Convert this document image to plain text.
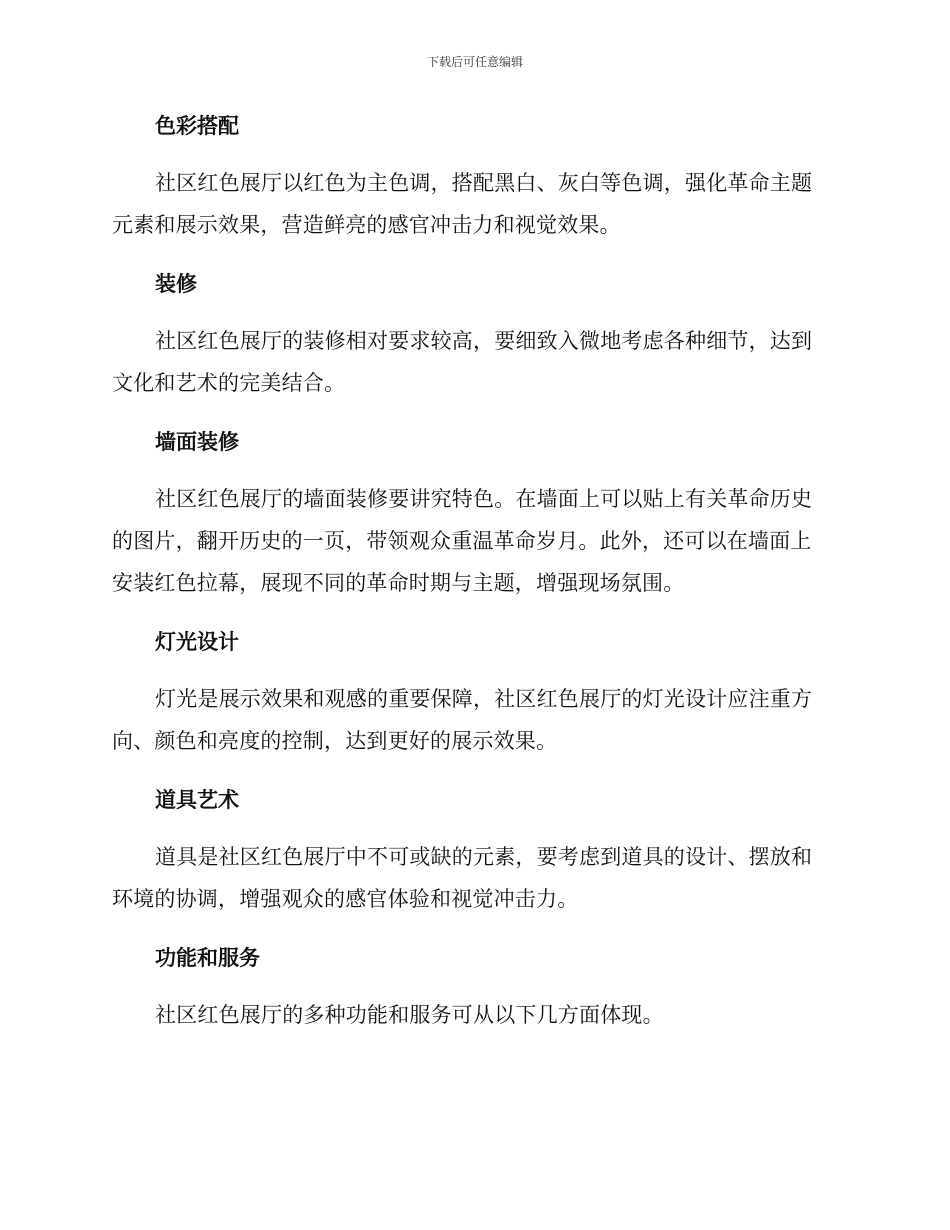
下载后可任意编辑
色彩搭配

社区红色展厅以红色为主色调，搭配黑白、灰白等色调，强化革命主题元素和展示效果，营造鲜亮的感官冲击力和视觉效果。

装修

社区红色展厅的装修相对要求较高，要细致入微地考虑各种细节，达到文化和艺术的完美结合。

墙面装修

社区红色展厅的墙面装修要讲究特色。在墙面上可以贴上有关革命历史的图片，翻开历史的一页，带领观众重温革命岁月。此外，还可以在墙面上安装红色拉幕，展现不同的革命时期与主题，增强现场氛围。

灯光设计

灯光是展示效果和观感的重要保障，社区红色展厅的灯光设计应注重方向、颜色和亮度的控制，达到更好的展示效果。

道具艺术

道具是社区红色展厅中不可或缺的元素，要考虑到道具的设计、摆放和环境的协调，增强观众的感官体验和视觉冲击力。

功能和服务

社区红色展厅的多种功能和服务可从以下几方面体现。
